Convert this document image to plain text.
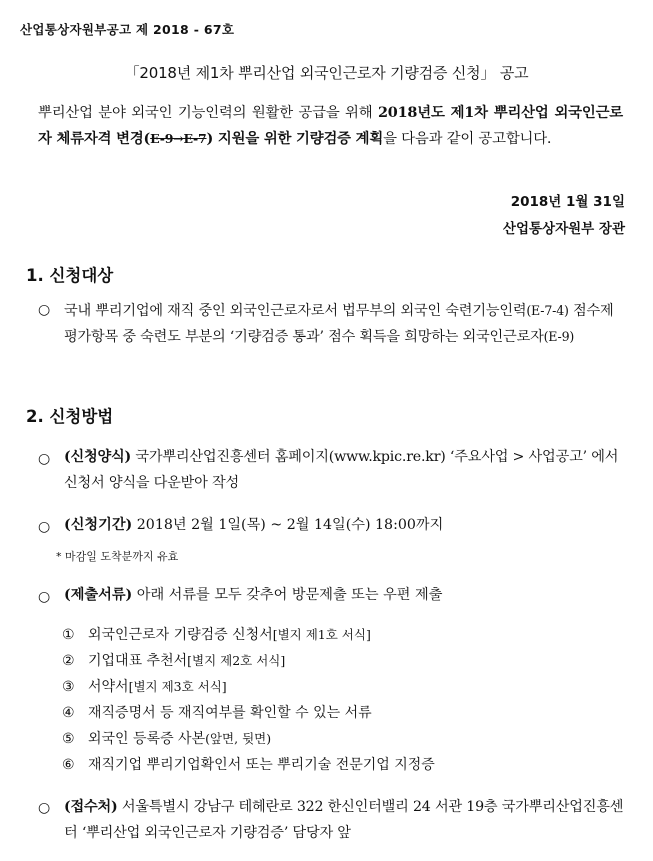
산업통상자원부공고 제 2018 - 67호
「2018년 제1차 뿌리산업 외국인근로자 기량검증 신청」 공고
뿌리산업 분야 외국인 기능인력의 원활한 공급을 위해 2018년도 제1차 뿌리산업 외국인근로자 체류자격 변경(E-9→E-7) 지원을 위한 기량검증 계획을 다음과 같이 공고합니다.
2018년 1월 31일
산업통상자원부 장관
1. 신청대상
○ 국내 뿌리기업에 재직 중인 외국인근로자로서 법무부의 외국인 숙련기능인력(E-7-4) 점수제 평가항목 중 숙련도 부분의 ‘기량검증 통과’ 점수 획득을 희망하는 외국인근로자(E-9)
2. 신청방법
○ (신청양식) 국가뿌리산업진흥센터 홈페이지(www.kpic.re.kr) ‘주요사업 > 사업공고’ 에서 신청서 양식을 다운받아 작성
○ (신청기간) 2018년 2월 1일(목) ~ 2월 14일(수) 18:00까지
* 마감일 도착분까지 유효
○ (제출서류) 아래 서류를 모두 갖추어 방문제출 또는 우편 제출
① 외국인근로자 기량검증 신청서[별지 제1호 서식]
② 기업대표 추천서[별지 제2호 서식]
③ 서약서[별지 제3호 서식]
④ 재직증명서 등 재직여부를 확인할 수 있는 서류
⑤ 외국인 등록증 사본(앞면, 뒷면)
⑥ 재직기업 뿌리기업확인서 또는 뿌리기술 전문기업 지정증
○ (접수처) 서울특별시 강남구 테헤란로 322 한신인터밸리 24 서관 19층 국가뿌리산업진흥센터 ‘뿌리산업 외국인근로자 기량검증’ 담당자 앞
